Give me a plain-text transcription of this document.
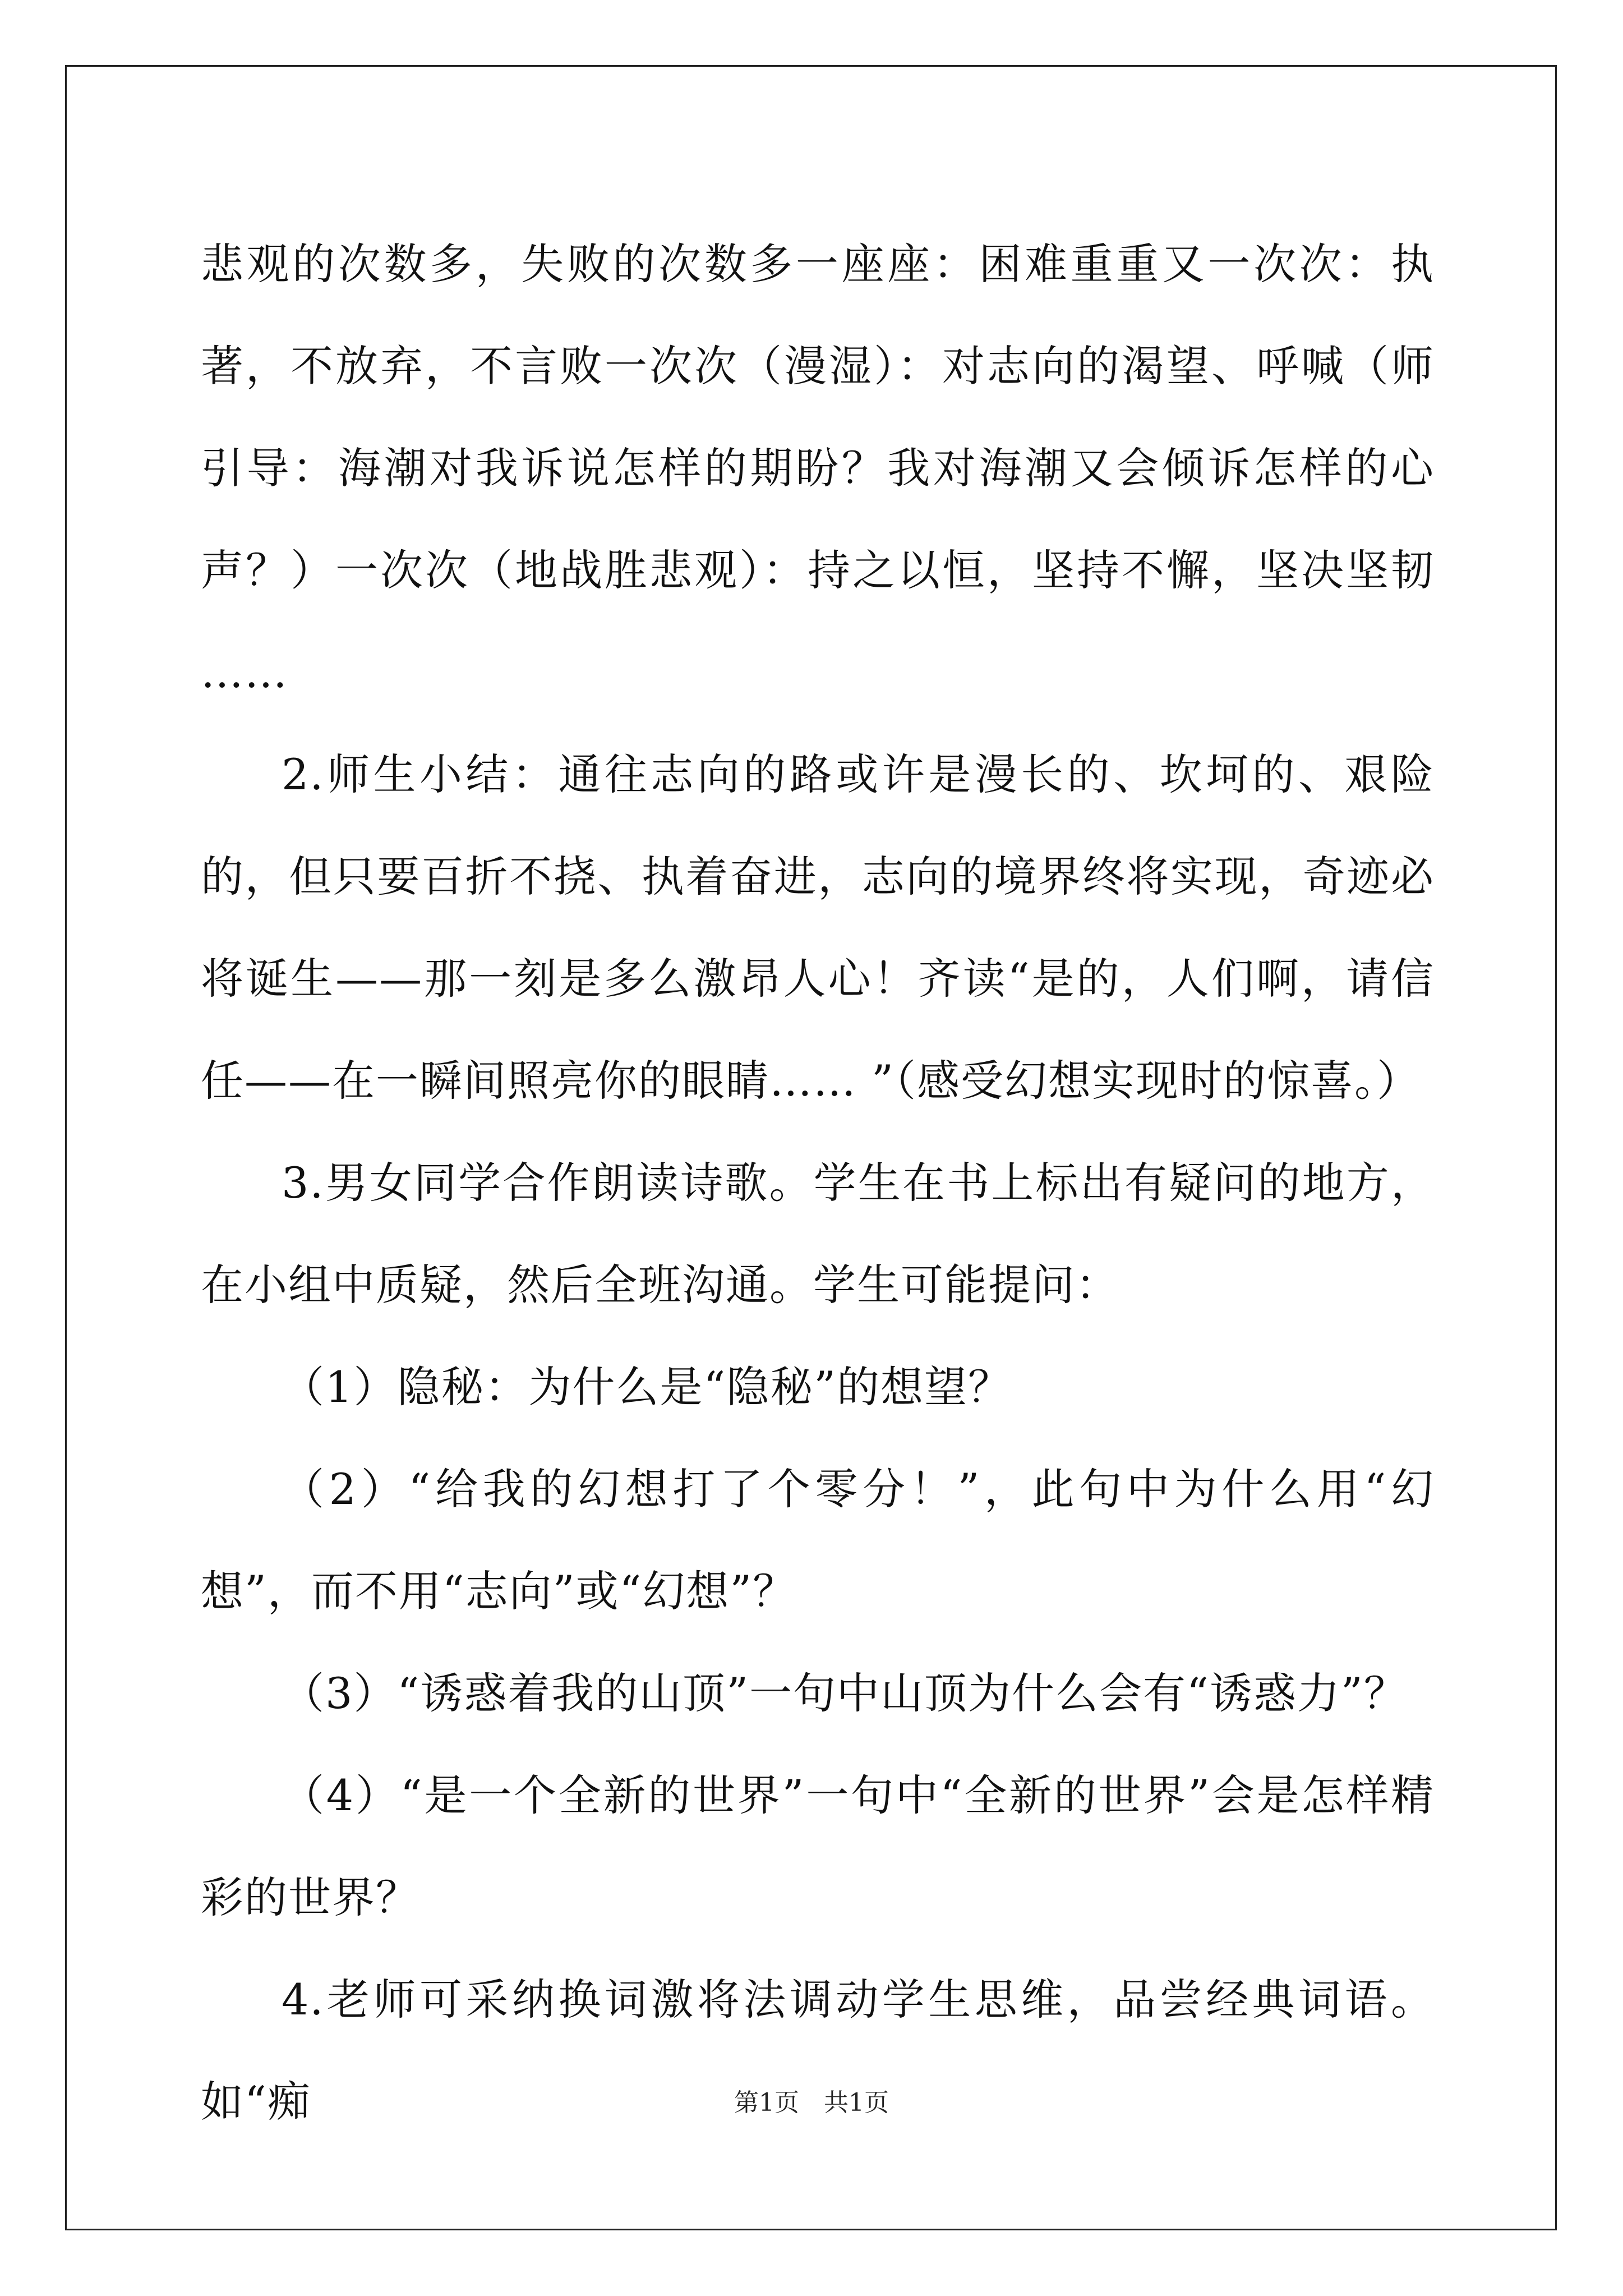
悲观的次数多，失败的次数多一座座：困难重重又一次次：执著，不放弃，不言败一次次（漫湿）：对志向的渴望、呼喊（师引导：海潮对我诉说怎样的期盼？我对海潮又会倾诉怎样的心声？）一次次（地战胜悲观）：持之以恒，坚持不懈，坚决坚韧 ……

2.师生小结：通往志向的路或许是漫长的、坎坷的、艰险的，但只要百折不挠、执着奋进，志向的境界终将实现，奇迹必将诞生——那一刻是多么激昂人心！齐读“是的，人们啊，请信任——在一瞬间照亮你的眼睛…… ”（感受幻想实现时的惊喜。）

3.男女同学合作朗读诗歌。学生在书上标出有疑问的地方，在小组中质疑，然后全班沟通。学生可能提问：

（1）隐秘：为什么是“隐秘”的想望？

（2）“给我的幻想打了个零分！”，此句中为什么用“幻想”，而不用“志向”或“幻想”？

（3）“诱惑着我的山顶”一句中山顶为什么会有“诱惑力”？

（4）“是一个全新的世界”一句中“全新的世界”会是怎样精彩的世界？

4.老师可采纳换词激将法调动学生思维，品尝经典词语。如“痴	第1页　共1页
